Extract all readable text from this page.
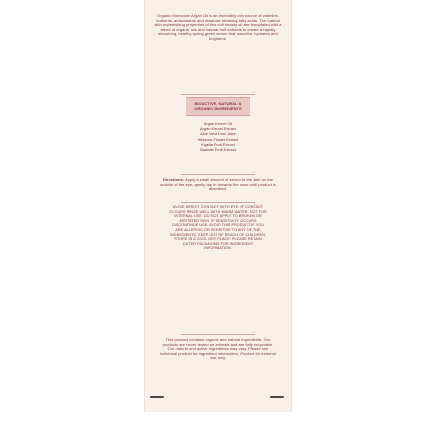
Organic Moroccan Argan Oil is an incredibly rich source of vitamins, nutrients, antioxidants and moisture-retaining fatty acids. The natural skin-replenishing properties of this cult beauty oil are formulated with a blend of organic oils and natural fruit extracts to create a rapidly absorbing, healthy spring green serum that smooths, hydrates and brightens.

BIOACTIVE, NATURAL & ORGANIC INGREDIENTS

Argan Kernel Oil
Argan Kernel Extract
Aloe Vera Leaf Juice
Hibiscus Flower Extract
Kigelia Fruit Extract
Baobab Fruit Extract

Directions: Apply a small amount of serum to the skin on the outside of the eye, gently tap in towards the nose until product is absorbed.

AVOID DIRECT CONTACT WITH EYE. IF CONTACT OCCURS RINSE WELL WITH WARM WATER. NOT FOR INTERNAL USE. DO NOT APPLY TO BROKEN OR IRRITATED SKIN. IF SENSITIVITY OCCURS DISCONTINUE USE. AVOID THIS PRODUCT IF YOU ARE ALLERGIC OR SENSITIVE TO ANY OF THE INGREDIENTS. KEEP OUT OF REACH OF CHILDREN. STORE IN A COOL DRY PLACE. PLEASE RETAIN OUTER PACKAGING FOR INGREDIENT INFORMATION.

This product contains organic and natural ingredients. Our products are never tested on animals and are fully recyclable. Our natural and active ingredients may vary. Please see individual product for ingredient information. Product for external use only.
